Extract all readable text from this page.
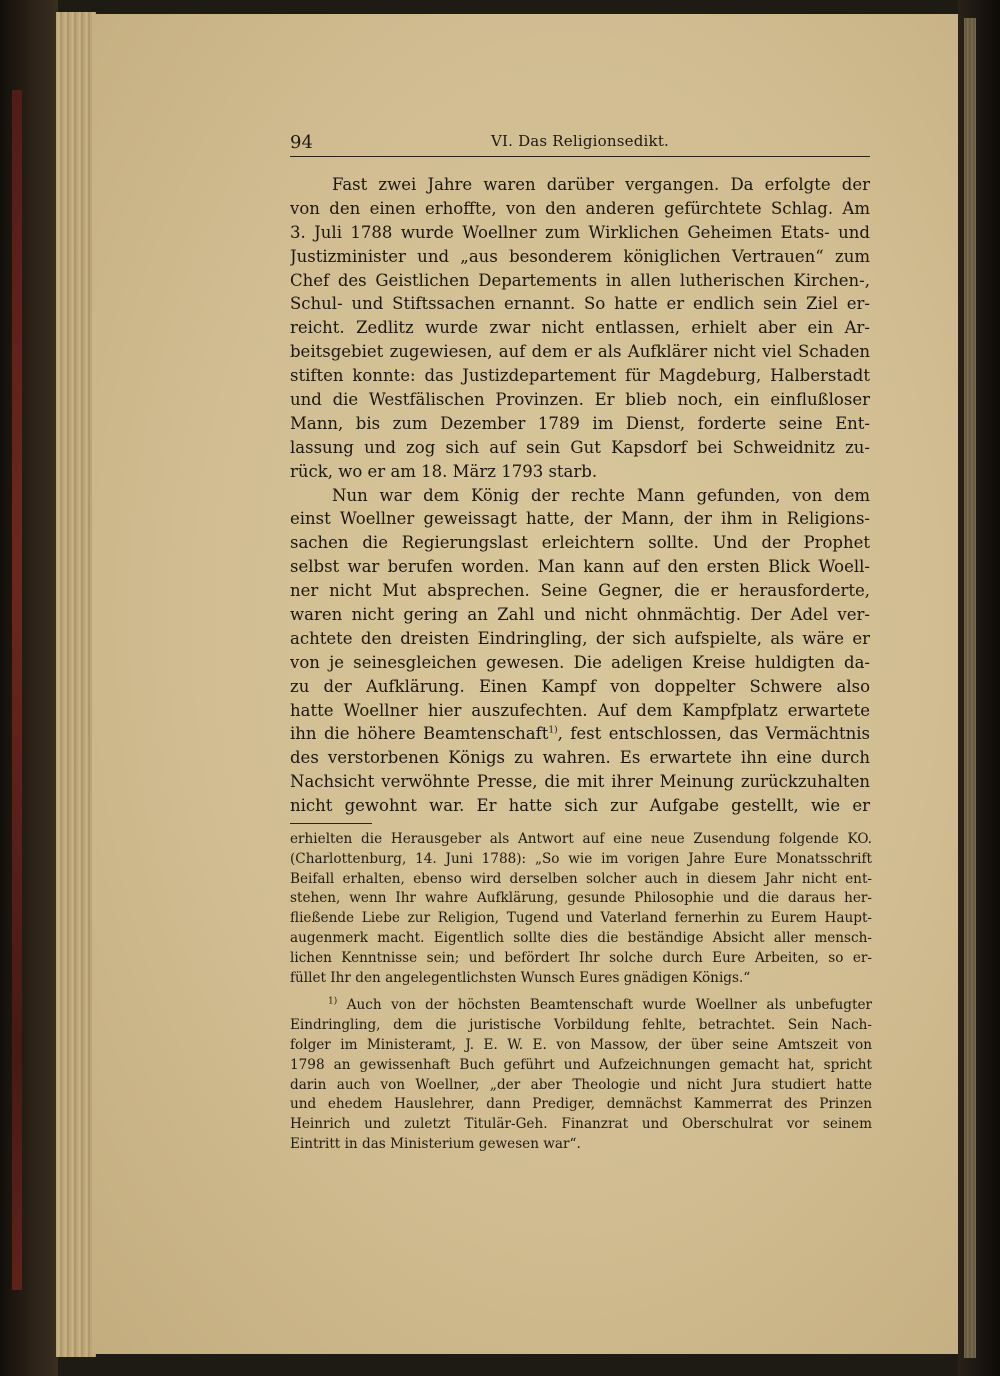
94	VI. Das Religionsedikt.
Fast zwei Jahre waren darüber vergangen. Da erfolgte der
von den einen erhoffte, von den anderen gefürchtete Schlag. Am
3. Juli 1788 wurde Woellner zum Wirklichen Geheimen Etats- und
Justizminister und „aus besonderem königlichen Vertrauen“ zum
Chef des Geistlichen Departements in allen lutherischen Kirchen-,
Schul- und Stiftssachen ernannt. So hatte er endlich sein Ziel er-
reicht. Zedlitz wurde zwar nicht entlassen, erhielt aber ein Ar-
beitsgebiet zugewiesen, auf dem er als Aufklärer nicht viel Schaden
stiften konnte: das Justizdepartement für Magdeburg, Halberstadt
und die Westfälischen Provinzen. Er blieb noch, ein einflußloser
Mann, bis zum Dezember 1789 im Dienst, forderte seine Ent-
lassung und zog sich auf sein Gut Kapsdorf bei Schweidnitz zu-
rück, wo er am 18. März 1793 starb.
Nun war dem König der rechte Mann gefunden, von dem
einst Woellner geweissagt hatte, der Mann, der ihm in Religions-
sachen die Regierungslast erleichtern sollte. Und der Prophet
selbst war berufen worden. Man kann auf den ersten Blick Woell-
ner nicht Mut absprechen. Seine Gegner, die er herausforderte,
waren nicht gering an Zahl und nicht ohnmächtig. Der Adel ver-
achtete den dreisten Eindringling, der sich aufspielte, als wäre er
von je seinesgleichen gewesen. Die adeligen Kreise huldigten da-
zu der Aufklärung. Einen Kampf von doppelter Schwere also
hatte Woellner hier auszufechten. Auf dem Kampfplatz erwartete
ihn die höhere Beamtenschaft$^{1)}$, fest entschlossen, das Vermächtnis
des verstorbenen Königs zu wahren. Es erwartete ihn eine durch
Nachsicht verwöhnte Presse, die mit ihrer Meinung zurückzuhalten
nicht gewohnt war. Er hatte sich zur Aufgabe gestellt, wie er
erhielten die Herausgeber als Antwort auf eine neue Zusendung folgende KO.
(Charlottenburg, 14. Juni 1788): „So wie im vorigen Jahre Eure Monatsschrift
Beifall erhalten, ebenso wird derselben solcher auch in diesem Jahr nicht ent-
stehen, wenn Ihr wahre Aufklärung, gesunde Philosophie und die daraus her-
fließende Liebe zur Religion, Tugend und Vaterland fernerhin zu Eurem Haupt-
augenmerk macht. Eigentlich sollte dies die beständige Absicht aller mensch-
lichen Kenntnisse sein; und befördert Ihr solche durch Eure Arbeiten, so er-
füllet Ihr den angelegentlichsten Wunsch Eures gnädigen Königs.“
$^{1)}$ Auch von der höchsten Beamtenschaft wurde Woellner als unbefugter
Eindringling, dem die juristische Vorbildung fehlte, betrachtet. Sein Nach-
folger im Ministeramt, J. E. W. E. von Massow, der über seine Amtszeit von
1798 an gewissenhaft Buch geführt und Aufzeichnungen gemacht hat, spricht
darin auch von Woellner, „der aber Theologie und nicht Jura studiert hatte
und ehedem Hauslehrer, dann Prediger, demnächst Kammerrat des Prinzen
Heinrich und zuletzt Titulär-Geh. Finanzrat und Oberschulrat vor seinem
Eintritt in das Ministerium gewesen war“.
